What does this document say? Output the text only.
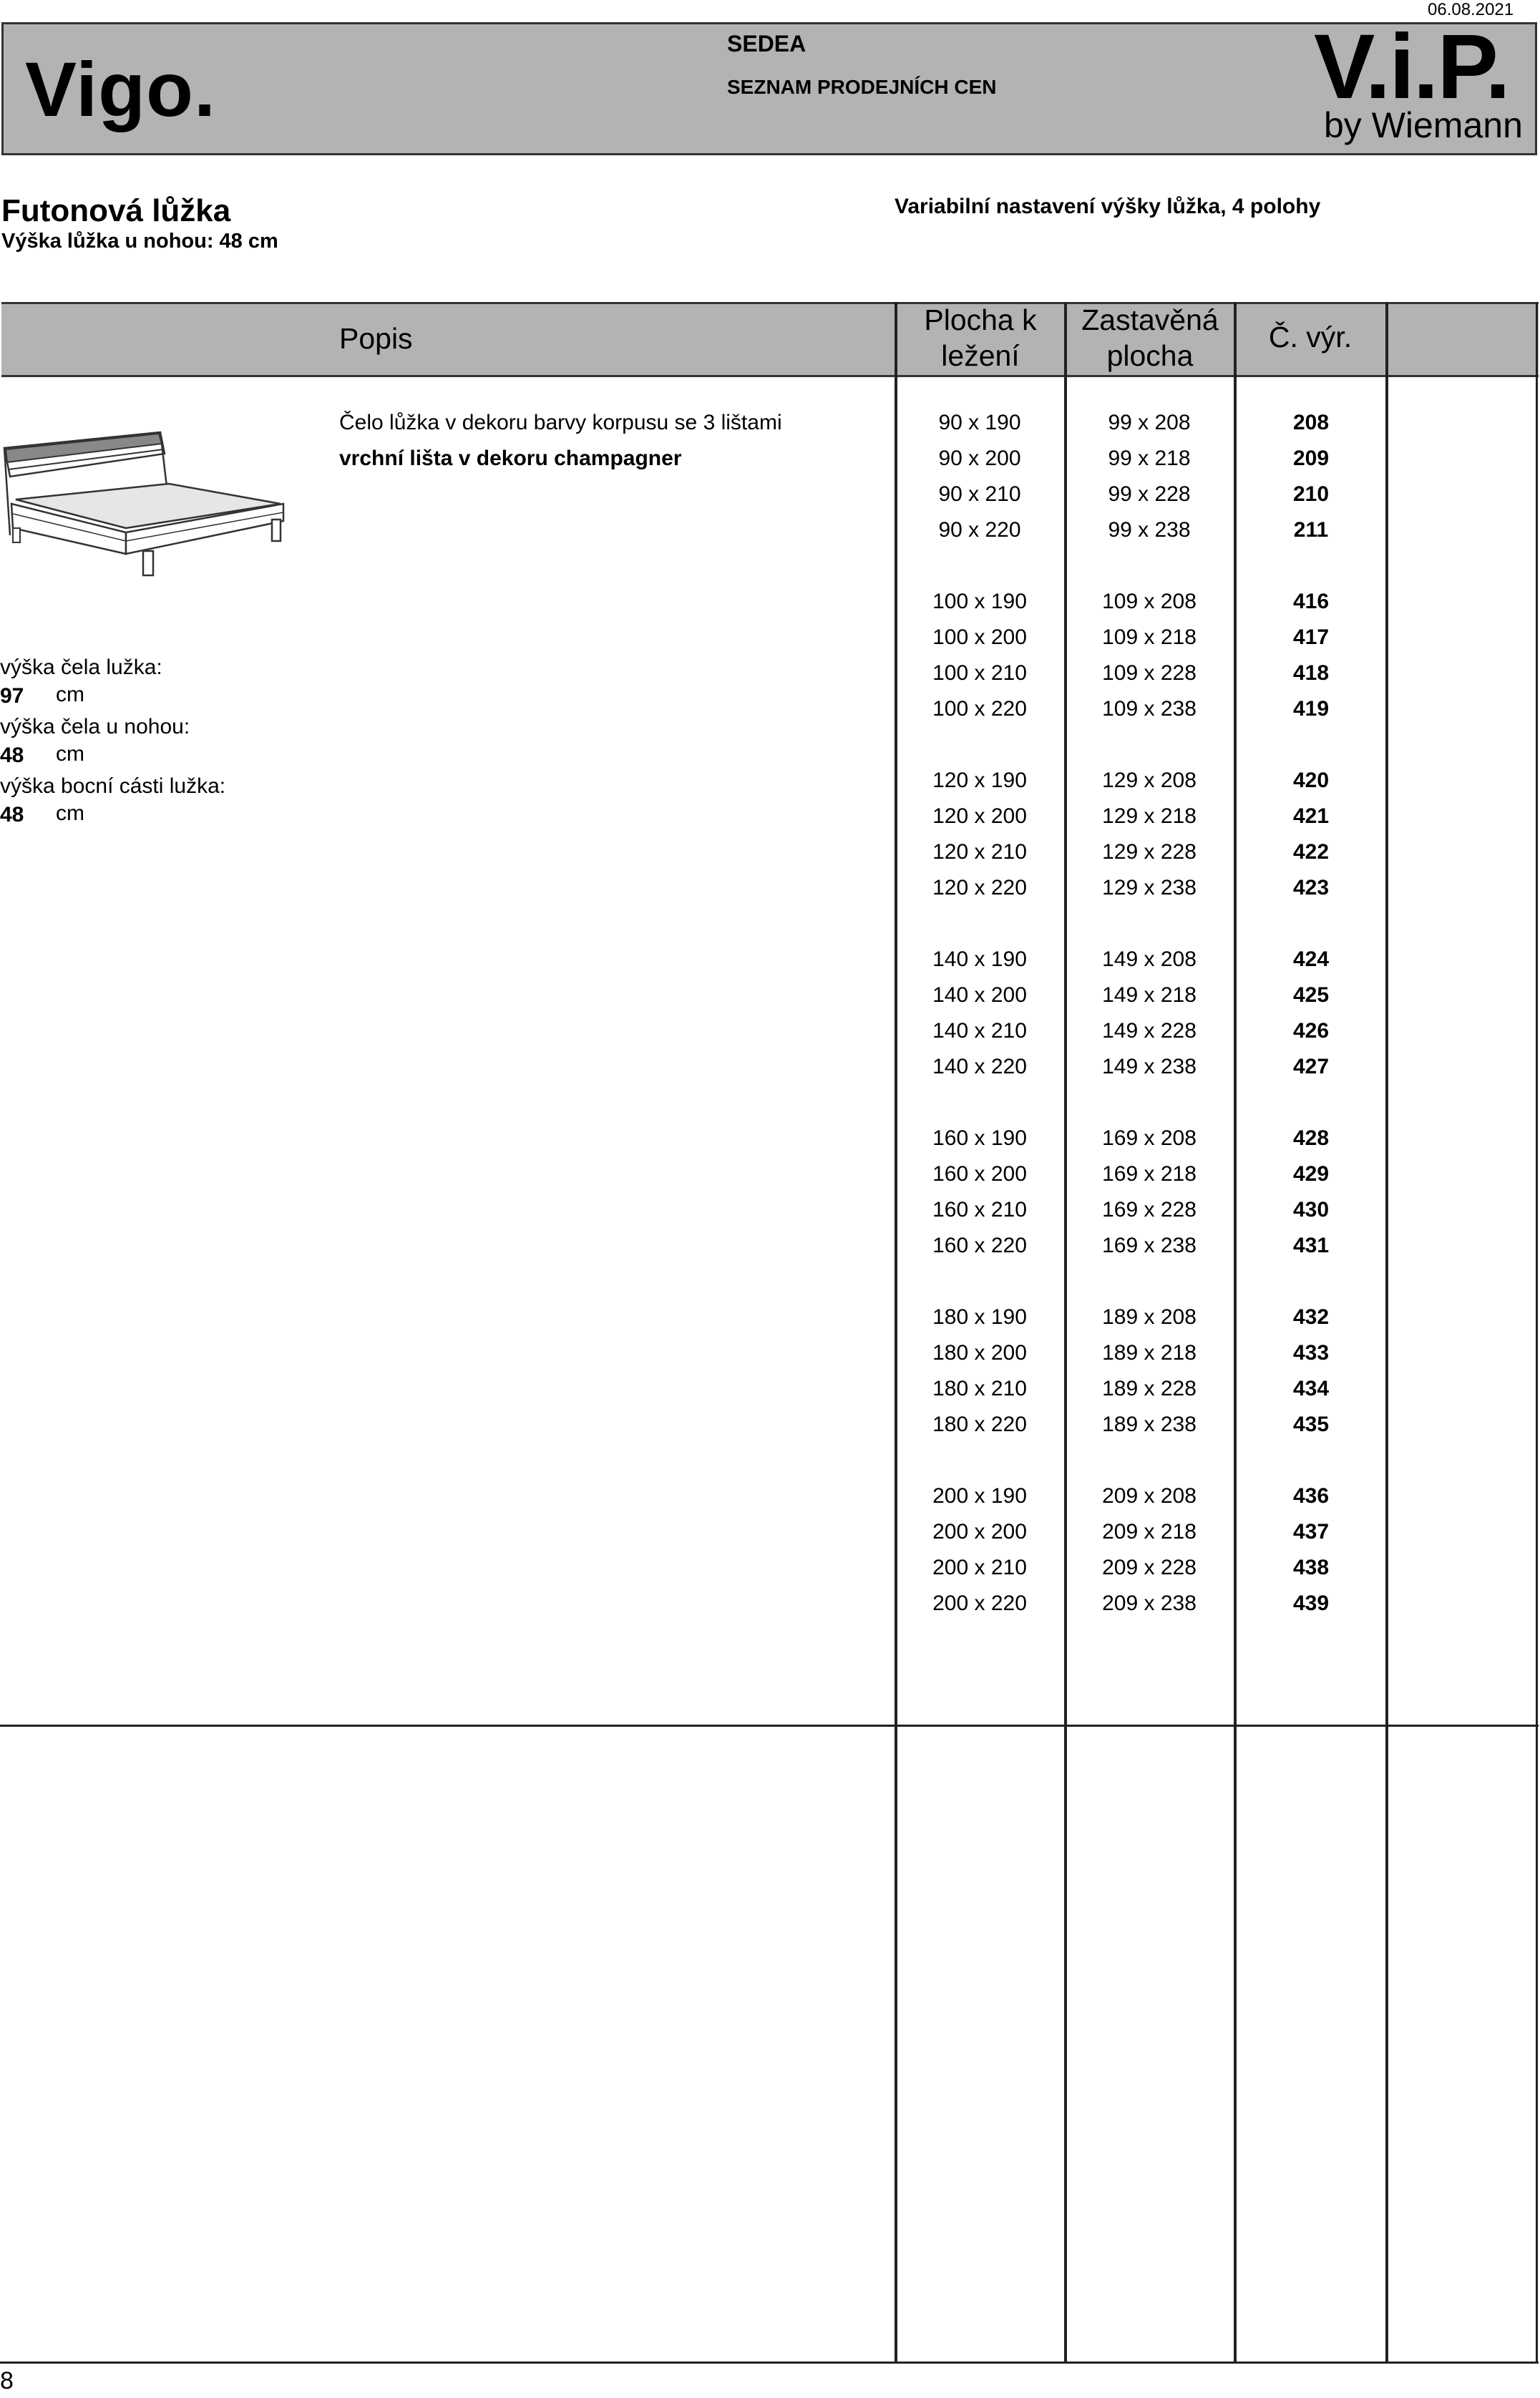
06.08.2021
Vigo.
SEDEA
SEZNAM PRODEJNÍCH CEN	V.i.P.
by Wiemann
Futonová lůžka
Výška lůžka u nohou: 48 cm
Variabilní nastavení výšky lůžka, 4 polohy
Popis
Plocha k
ležení
Zastavěná
plocha
Č. výr.
Čelo lůžka v dekoru barvy korpusu se 3 lištami
vrchní lišta v dekoru champagner
výška čela lužka:
97 cm
výška čela u nohou:
48 cm
výška bocní cásti lužka:
48 cm
90 x 190	99 x 208	208
90 x 200	99 x 218	209
90 x 210	99 x 228	210
90 x 220	99 x 238	211
100 x 190	109 x 208	416
100 x 200	109 x 218	417
100 x 210	109 x 228	418
100 x 220	109 x 238	419
120 x 190	129 x 208	420
120 x 200	129 x 218	421
120 x 210	129 x 228	422
120 x 220	129 x 238	423
140 x 190	149 x 208	424
140 x 200	149 x 218	425
140 x 210	149 x 228	426
140 x 220	149 x 238	427
160 x 190	169 x 208	428
160 x 200	169 x 218	429
160 x 210	169 x 228	430
160 x 220	169 x 238	431
180 x 190	189 x 208	432
180 x 200	189 x 218	433
180 x 210	189 x 228	434
180 x 220	189 x 238	435
200 x 190	209 x 208	436
200 x 200	209 x 218	437
200 x 210	209 x 228	438
200 x 220	209 x 238	439
8
